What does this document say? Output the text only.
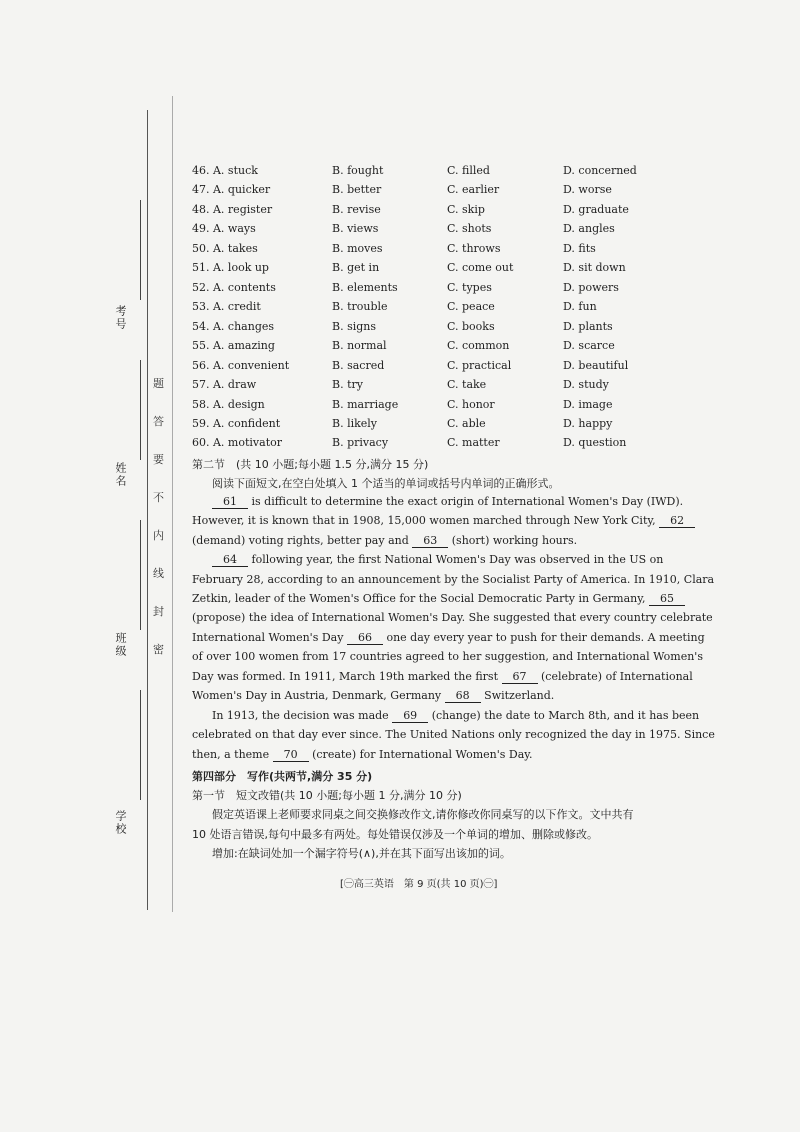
考号
姓名
班级
学校
题
答
要
不
内
线
封
密
46. A. stuck	B. fought	C. filled	D. concerned
47. A. quicker	B. better	C. earlier	D. worse
48. A. register	B. revise	C. skip	D. graduate
49. A. ways	B. views	C. shots	D. angles
50. A. takes	B. moves	C. throws	D. fits
51. A. look up	B. get in	C. come out	D. sit down
52. A. contents	B. elements	C. types	D. powers
53. A. credit	B. trouble	C. peace	D. fun
54. A. changes	B. signs	C. books	D. plants
55. A. amazing	B. normal	C. common	D. scarce
56. A. convenient	B. sacred	C. practical	D. beautiful
57. A. draw	B. try	C. take	D. study
58. A. design	B. marriage	C. honor	D. image
59. A. confident	B. likely	C. able	D. happy
60. A. motivator	B. privacy	C. matter	D. question
第二节　(共 10 小题;每小题 1.5 分,满分 15 分)
阅读下面短文,在空白处填入 1 个适当的单词或括号内单词的正确形式。
61 is difficult to determine the exact origin of International Women's Day (IWD).
However, it is known that in 1908, 15,000 women marched through New York City, 62
(demand) voting rights, better pay and 63 (short) working hours.
64 following year, the first National Women's Day was observed in the US on
February 28, according to an announcement by the Socialist Party of America. In 1910, Clara
Zetkin, leader of the Women's Office for the Social Democratic Party in Germany, 65
(propose) the idea of International Women's Day. She suggested that every country celebrate
International Women's Day 66 one day every year to push for their demands. A meeting
of over 100 women from 17 countries agreed to her suggestion, and International Women's
Day was formed. In 1911, March 19th marked the first 67 (celebrate) of International
Women's Day in Austria, Denmark, Germany 68 Switzerland.
In 1913, the decision was made 69 (change) the date to March 8th, and it has been
celebrated on that day ever since. The United Nations only recognized the day in 1975. Since
then, a theme 70 (create) for International Women's Day.
第四部分　写作(共两节,满分 35 分)
第一节　短文改错(共 10 小题;每小题 1 分,满分 10 分)
假定英语课上老师要求同桌之间交换修改作文,请你修改你同桌写的以下作文。文中共有
10 处语言错误,每句中最多有两处。每处错误仅涉及一个单词的增加、删除或修改。
增加:在缺词处加一个漏字符号(∧),并在其下面写出该加的词。
[㊀高三英语　第 9 页(共 10 页)㊀]
